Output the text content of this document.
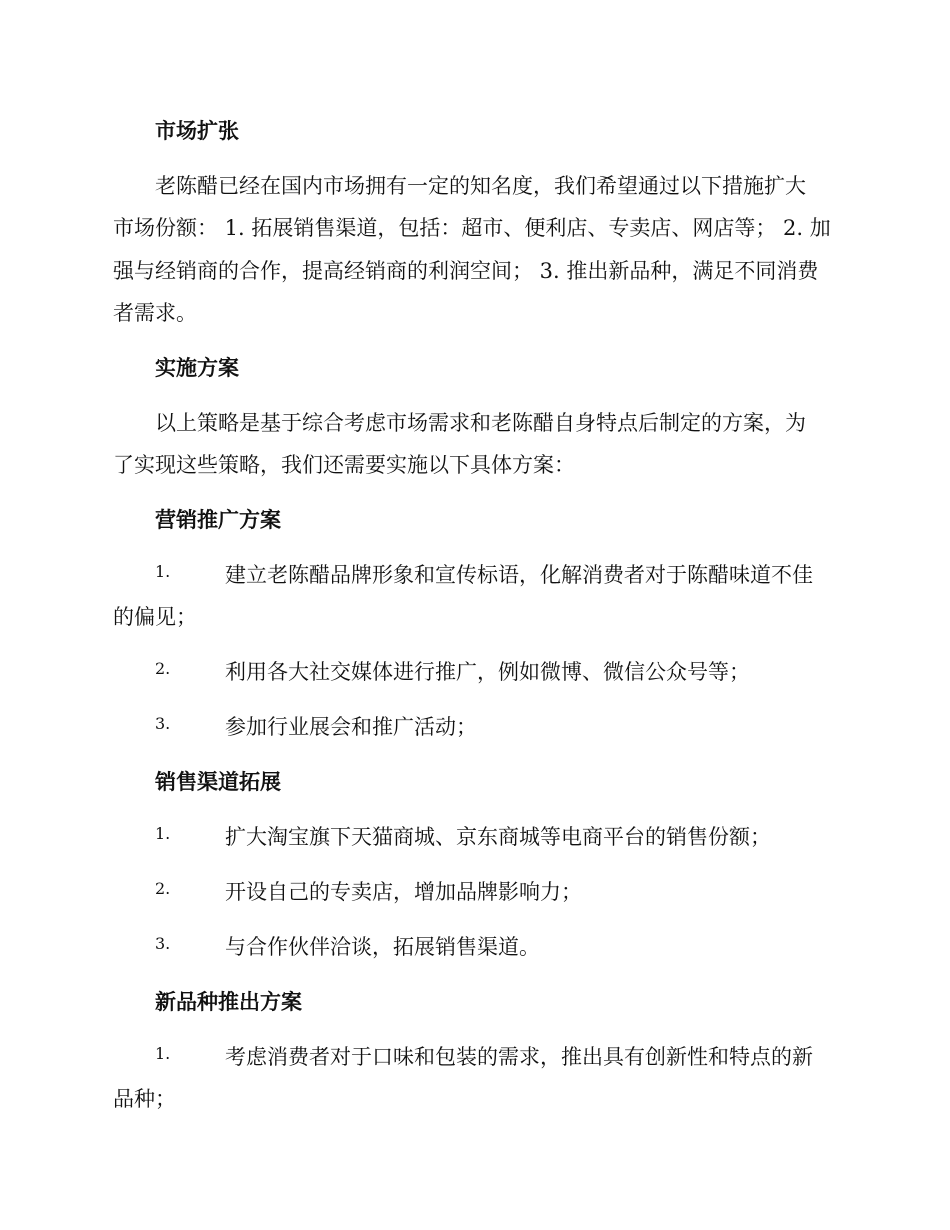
市场扩张
老陈醋已经在国内市场拥有一定的知名度，我们希望通过以下措施扩大
市场份额： 1. 拓展销售渠道，包括：超市、便利店、专卖店、网店等； 2. 加
强与经销商的合作，提高经销商的利润空间； 3. 推出新品种，满足不同消费
者需求。
实施方案
以上策略是基于综合考虑市场需求和老陈醋自身特点后制定的方案，为
了实现这些策略，我们还需要实施以下具体方案：
营销推广方案
1.	建立老陈醋品牌形象和宣传标语，化解消费者对于陈醋味道不佳
的偏见；
2.	利用各大社交媒体进行推广，例如微博、微信公众号等；
3.	参加行业展会和推广活动；
销售渠道拓展
1.	扩大淘宝旗下天猫商城、京东商城等电商平台的销售份额；
2.	开设自己的专卖店，增加品牌影响力；
3.	与合作伙伴洽谈，拓展销售渠道。
新品种推出方案
1.	考虑消费者对于口味和包装的需求，推出具有创新性和特点的新
品种；
